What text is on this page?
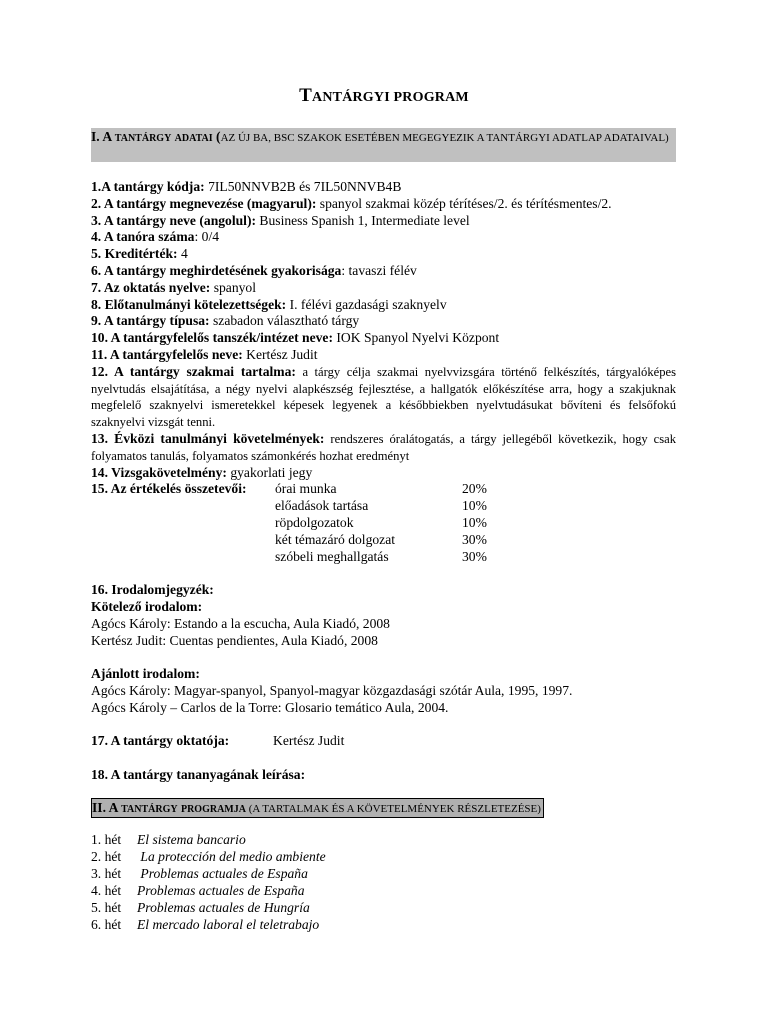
TANTÁRGYI PROGRAM
I. A tantárgy adatai (AZ ÚJ BA, BSC SZAKOK ESETÉBEN MEGEGYEZIK A TANTÁRGYI ADATLAP ADATAIVAL)
1.A tantárgy kódja: 7IL50NNVB2B és 7IL50NNVB4B
2. A tantárgy megnevezése (magyarul): spanyol szakmai közép térítéses/2. és térítésmentes/2.
3. A tantárgy neve (angolul): Business Spanish 1, Intermediate level
4. A tanóra száma: 0/4
5. Kreditérték: 4
6. A tantárgy meghirdetésének gyakorisága: tavaszi félév
7. Az oktatás nyelve: spanyol
8. Előtanulmányi kötelezettségek: I. félévi gazdasági szaknyelv
9. A tantárgy típusa: szabadon választható tárgy
10. A tantárgyfelelős tanszék/intézet neve: IOK Spanyol Nyelvi Központ
11. A tantárgyfelelős neve: Kertész Judit
12. A tantárgy szakmai tartalma: a tárgy célja szakmai nyelvvizsgára történő felkészítés, tárgyalóképes nyelvtudás elsajátítása, a négy nyelvi alapkészség fejlesztése, a hallgatók előkészítése arra, hogy a szakjuknak megfelelő szaknyelvi ismeretekkel képesek legyenek a későbbiekben nyelvtudásukat bővíteni és felsőfokú szaknyelvi vizsgát tenni.
13. Évközi tanulmányi követelmények: rendszeres óralátogatás, a tárgy jellegéből következik, hogy csak folyamatos tanulás, folyamatos számonkérés hozhat eredményt
14. Vizsgakövetelmény: gyakorlati jegy
15. Az értékelés összetevői:	órai munka	20%
előadások tartása	10%
röpdolgozatok	10%
két témazáró dolgozat	30%
szóbeli meghallgatás	30%
16. Irodalomjegyzék:
Kötelező irodalom:
Agócs Károly: Estando a la escucha, Aula Kiadó, 2008
Kertész Judit: Cuentas pendientes, Aula Kiadó, 2008
Ajánlott irodalom:
Agócs Károly: Magyar-spanyol, Spanyol-magyar közgazdasági szótár Aula, 1995, 1997.
Agócs Károly – Carlos de la Torre: Glosario temático Aula, 2004.
17. A tantárgy oktatója:	Kertész Judit
18. A tantárgy tananyagának leírása:
II. A tantárgy programja (A TARTALMAK ÉS A KÖVETELMÉNYEK RÉSZLETEZÉSE)
1. hét El sistema bancario
2. hét La protección del medio ambiente
3. hét Problemas actuales de España
4. hét Problemas actuales de España
5. hét Problemas actuales de Hungría
6. hét El mercado laboral el teletrabajo
